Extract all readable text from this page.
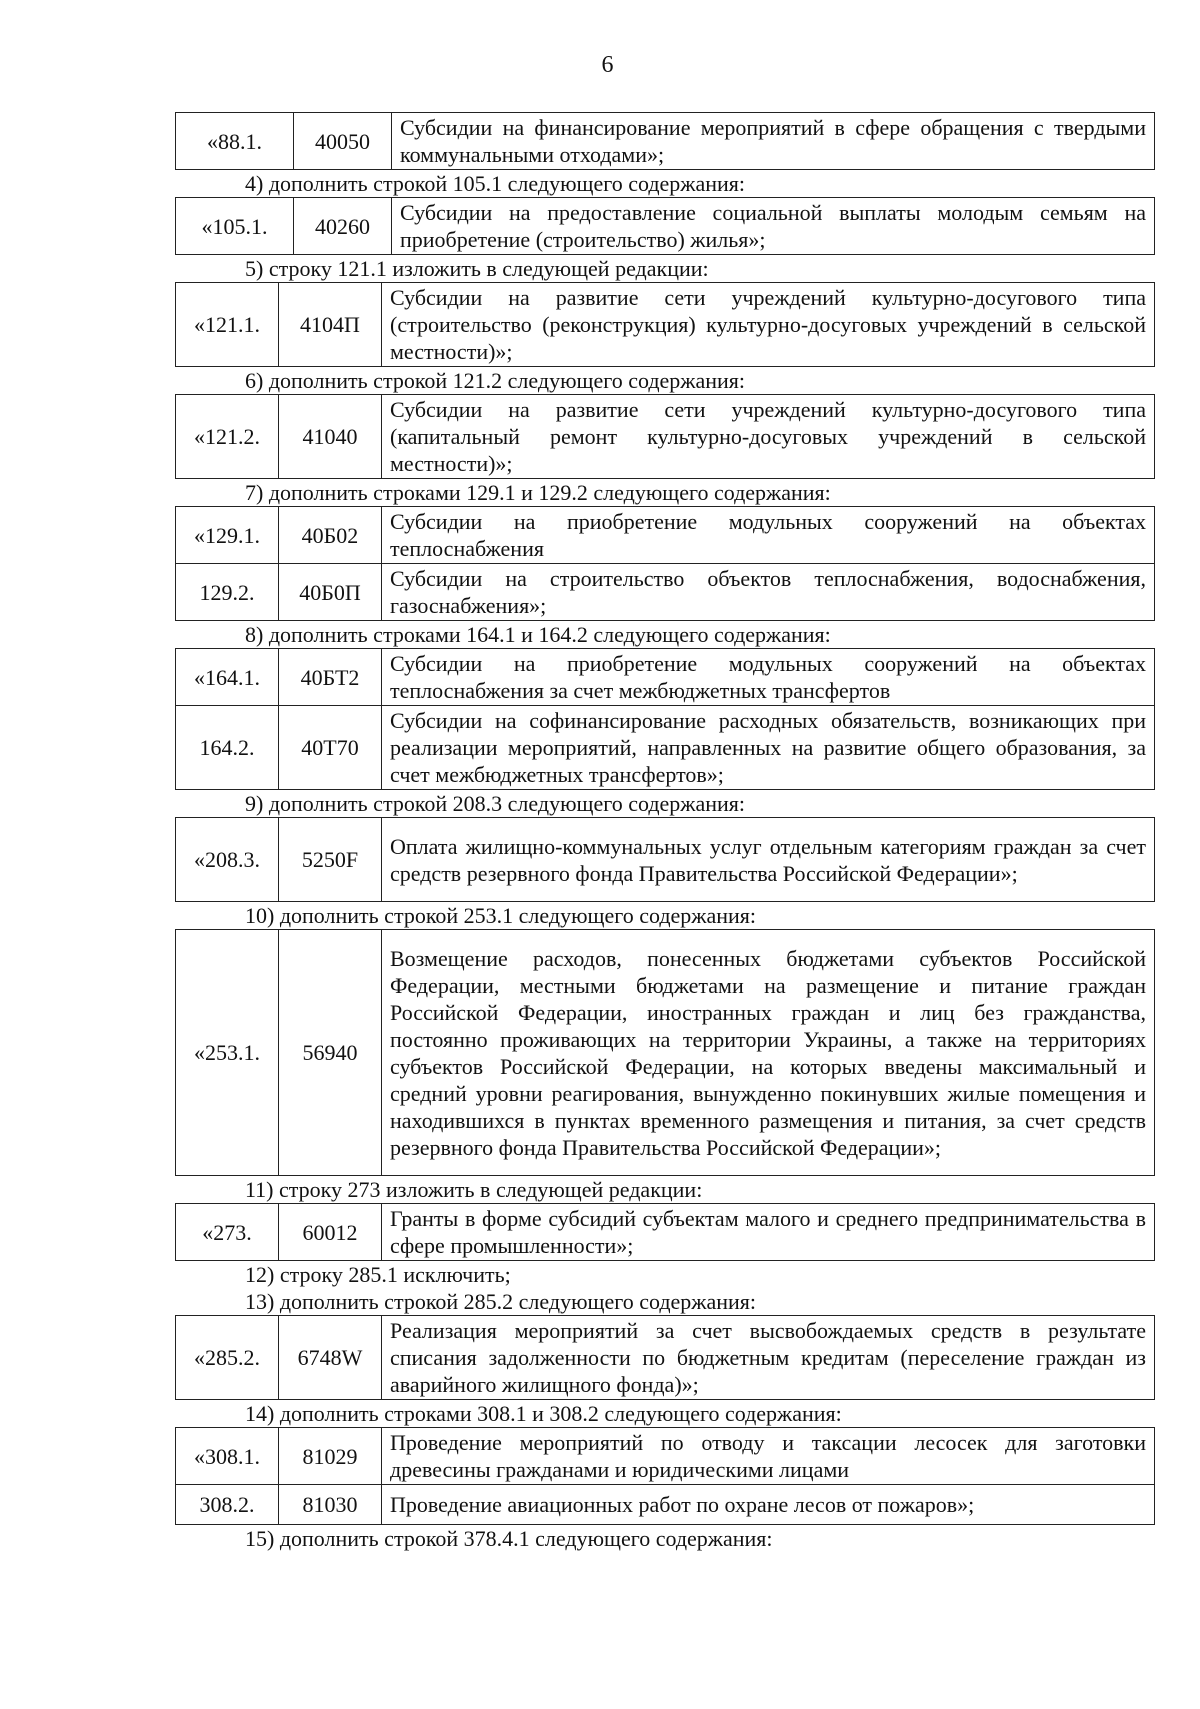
6
«88.1.	40050	Субсидии на финансирование мероприятий в сфере обращения с твердыми коммунальными отходами»;
4) дополнить строкой 105.1 следующего содержания:
«105.1.	40260	Субсидии на предоставление социальной выплаты молодым семьям на приобретение (строительство) жилья»;
5) строку 121.1 изложить в следующей редакции:
«121.1.	4104П	Субсидии на развитие сети учреждений культурно-досугового типа (строительство (реконструкция) культурно-досуговых учреждений в сельской местности)»;
6) дополнить строкой 121.2 следующего содержания:
«121.2.	41040	Субсидии на развитие сети учреждений культурно-досугового типа (капитальный ремонт культурно-досуговых учреждений в сельской местности)»;
7) дополнить строками 129.1 и 129.2 следующего содержания:
«129.1.	40Б02	Субсидии на приобретение модульных сооружений на объектах теплоснабжения
129.2.	40Б0П	Субсидии на строительство объектов теплоснабжения, водоснабжения, газоснабжения»;
8) дополнить строками 164.1 и 164.2 следующего содержания:
«164.1.	40БТ2	Субсидии на приобретение модульных сооружений на объектах теплоснабжения за счет межбюджетных трансфертов
164.2.	40Т70	Субсидии на софинансирование расходных обязательств, возникающих при реализации мероприятий, направленных на развитие общего образования, за счет межбюджетных трансфертов»;
9) дополнить строкой 208.3 следующего содержания:
«208.3.	5250F	Оплата жилищно-коммунальных услуг отдельным категориям граждан за счет средств резервного фонда Правительства Российской Федерации»;
10) дополнить строкой 253.1 следующего содержания:
«253.1.	56940	Возмещение расходов, понесенных бюджетами субъектов Российской Федерации, местными бюджетами на размещение и питание граждан Российской Федерации, иностранных граждан и лиц без гражданства, постоянно проживающих на территории Украины, а также на территориях субъектов Российской Федерации, на которых введены максимальный и средний уровни реагирования, вынужденно покинувших жилые помещения и находившихся в пунктах временного размещения и питания, за счет средств резервного фонда Правительства Российской Федерации»;
11) строку 273 изложить в следующей редакции:
«273.	60012	Гранты в форме субсидий субъектам малого и среднего предпринимательства в сфере промышленности»;
12) строку 285.1 исключить;
13) дополнить строкой 285.2 следующего содержания:
«285.2.	6748W	Реализация мероприятий за счет высвобождаемых средств в результате списания задолженности по бюджетным кредитам (переселение граждан из аварийного жилищного фонда)»;
14) дополнить строками 308.1 и 308.2 следующего содержания:
«308.1.	81029	Проведение мероприятий по отводу и таксации лесосек для заготовки древесины гражданами и юридическими лицами
308.2.	81030	Проведение авиационных работ по охране лесов от пожаров»;
15) дополнить строкой 378.4.1 следующего содержания:
